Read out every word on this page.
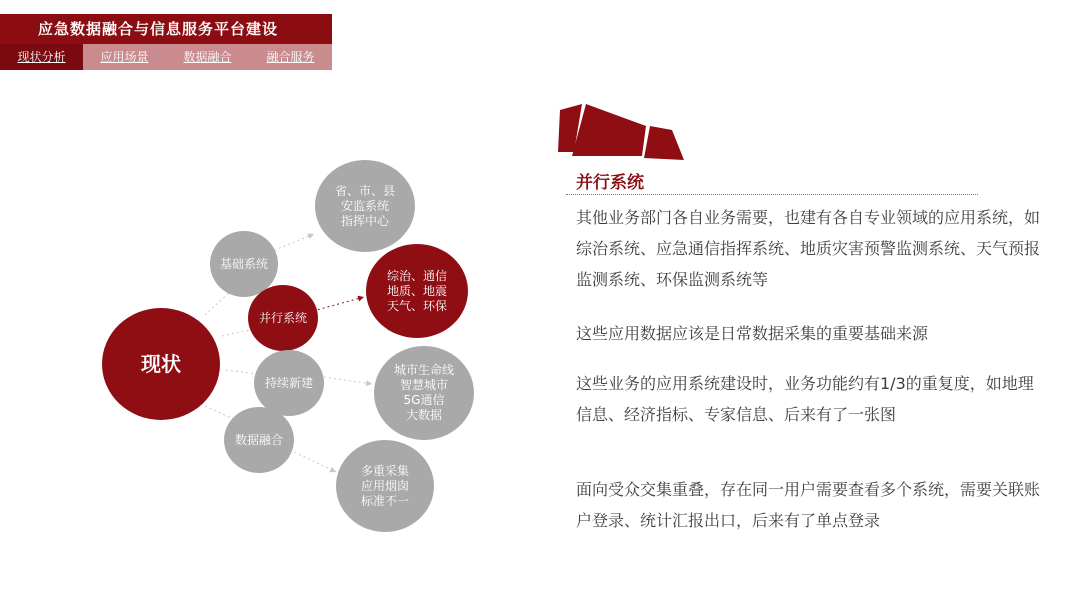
应急数据融合与信息服务平台建设
现状分析	应用场景	数据融合	融合服务
现状
基础系统
并行系统
持续新建
数据融合
省、市、县
安监系统
指挥中心
综治、通信
地质、地震
天气、环保
城市生命线
智慧城市
5G通信
大数据
多重采集
应用烟囱
标准不一
并行系统
其他业务部门各自业务需要，也建有各自专业领域的应用系统，如综治系统、应急通信指挥系统、地质灾害预警监测系统、天气预报监测系统、环保监测系统等
这些应用数据应该是日常数据采集的重要基础来源
这些业务的应用系统建设时，业务功能约有1/3的重复度，如地理信息、经济指标、专家信息、后来有了一张图
面向受众交集重叠，存在同一用户需要查看多个系统，需要关联账户登录、统计汇报出口，后来有了单点登录
